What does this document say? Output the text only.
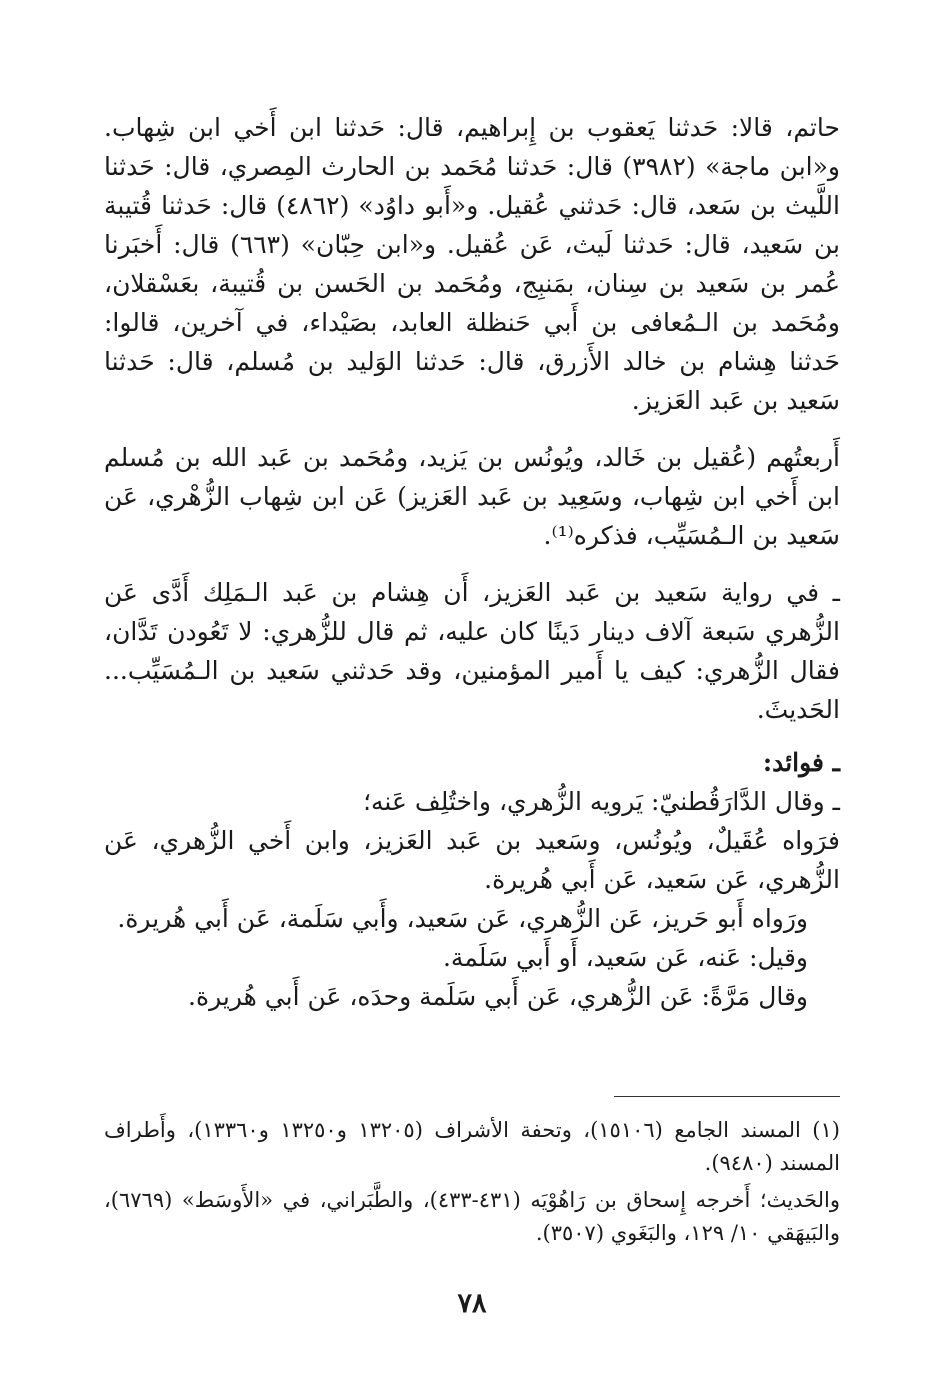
حاتم، قالا: حَدثنا يَعقوب بن إِبراهيم، قال: حَدثنا ابن أَخي ابن شِهاب. و«ابن ماجة» (٣٩٨٢) قال: حَدثنا مُحَمد بن الحارث المِصري، قال: حَدثنا اللَّيث بن سَعد، قال: حَدثني عُقيل. و«أَبو داوُد» (٤٨٦٢) قال: حَدثنا قُتيبة بن سَعيد، قال: حَدثنا لَيث، عَن عُقيل. و«ابن حِبّان» (٦٦٣) قال: أَخبَرنا عُمر بن سَعيد بن سِنان، بمَنبِج، ومُحَمد بن الحَسن بن قُتيبة، بعَسْقلان، ومُحَمد بن الـمُعافى بن أَبي حَنظلة العابد، بصَيْداء، في آخرين، قالوا: حَدثنا هِشام بن خالد الأَزرق، قال: حَدثنا الوَليد بن مُسلم، قال: حَدثنا سَعيد بن عَبد العَزيز.

أَربعتُهم (عُقيل بن خَالد، ويُونُس بن يَزيد، ومُحَمد بن عَبد الله بن مُسلم ابن أَخي ابن شِهاب، وسَعِيد بن عَبد العَزيز) عَن ابن شِهاب الزُّهْري، عَن سَعيد بن الـمُسَيِّب، فذكره⁽¹⁾.

ـ في رواية سَعيد بن عَبد العَزيز، أَن هِشام بن عَبد الـمَلِك أَدَّى عَن الزُّهري سَبعة آلاف دينار دَينًا كان عليه، ثم قال للزُّهري: لا تَعُودن تَدَّان، فقال الزُّهري: كيف يا أَمير المؤمنين، وقد حَدثني سَعيد بن الـمُسَيِّب... الحَديثَ.

ـ فوائد:

ـ وقال الدَّارَقُطنيّ: يَرويه الزُّهري، واختُلِف عَنه؛

فرَواه عُقَيلٌ، ويُونُس، وسَعيد بن عَبد العَزيز، وابن أَخي الزُّهري، عَن الزُّهري، عَن سَعيد، عَن أَبي هُريرة.

ورَواه أَبو حَريز، عَن الزُّهري، عَن سَعيد، وأَبي سَلَمة، عَن أَبي هُريرة.

وقيل: عَنه، عَن سَعيد، أَو أَبي سَلَمة.

وقال مَرَّةً: عَن الزُّهري، عَن أَبي سَلَمة وحدَه، عَن أَبي هُريرة.

(١) المسند الجامع (١٥١٠٦)، وتحفة الأشراف (١٣٢٠٥ و١٣٢٥٠ و١٣٣٦٠)، وأَطراف المسند (٩٤٨٠).

والحَديث؛ أَخرجه إِسحاق بن رَاهُوْيَه (٤٣١-٤٣٣)، والطَّبَراني، في «الأَوسَط» (٦٧٦٩)، والبَيهَقي ١٠/ ١٢٩، والبَغَوي (٣٥٠٧).

٧٨
